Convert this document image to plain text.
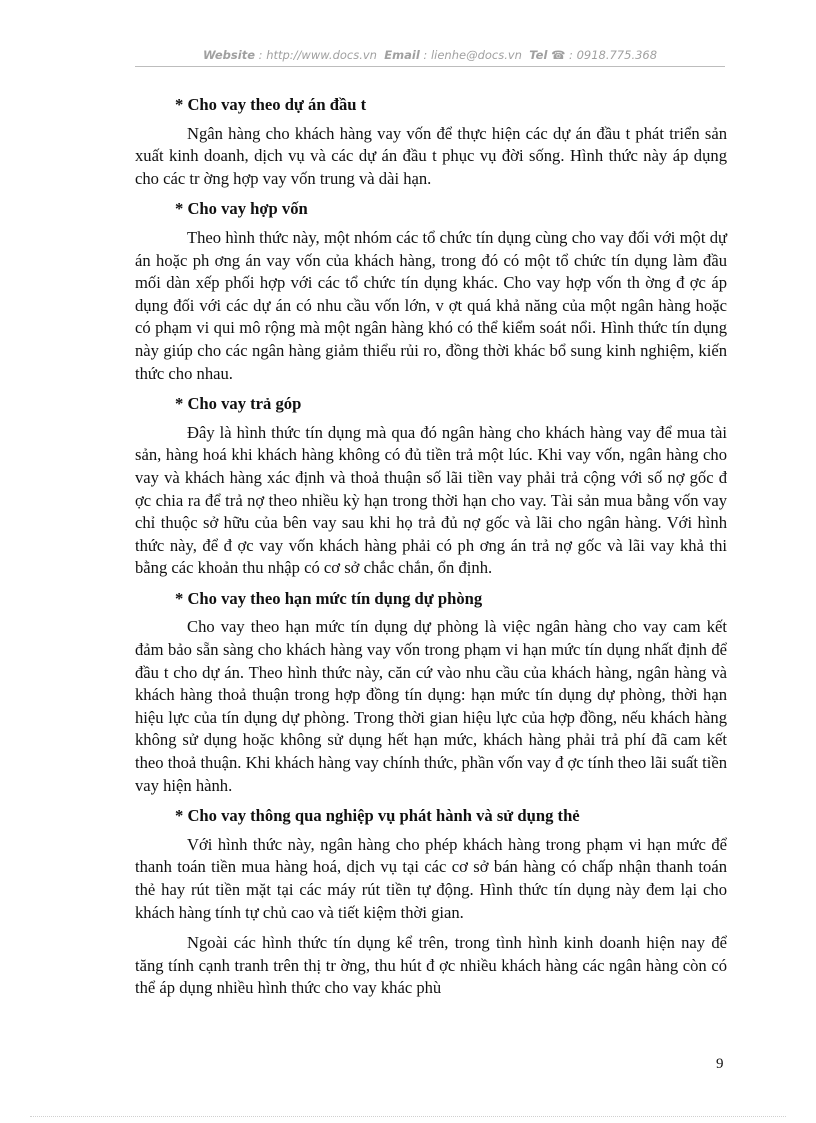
Website : http://www.docs.vn Email : lienhe@docs.vn Tel ☎ : 0918.775.368
* Cho vay theo dự án đầu t

Ngân hàng cho khách hàng vay vốn để thực hiện các dự án đầu t phát triển sản xuất kinh doanh, dịch vụ và các dự án đầu t phục vụ đời sống. Hình thức này áp dụng cho các tr ờng hợp vay vốn trung và dài hạn.

* Cho vay hợp vốn

Theo hình thức này, một nhóm các tổ chức tín dụng cùng cho vay đối với một dự án hoặc ph ơng án vay vốn của khách hàng, trong đó có một tổ chức tín dụng làm đầu mối dàn xếp phối hợp với các tổ chức tín dụng khác. Cho vay hợp vốn th ờng đ ợc áp dụng đối với các dự án có nhu cầu vốn lớn, v ợt quá khả năng của một ngân hàng hoặc có phạm vi qui mô rộng mà một ngân hàng khó có thể kiểm soát nổi. Hình thức tín dụng này giúp cho các ngân hàng giảm thiểu rủi ro, đồng thời khác bổ sung kinh nghiệm, kiến thức cho nhau.

* Cho vay trả góp

Đây là hình thức tín dụng mà qua đó ngân hàng cho khách hàng vay để mua tài sản, hàng hoá khi khách hàng không có đủ tiền trả một lúc. Khi vay vốn, ngân hàng cho vay và khách hàng xác định và thoả thuận số lãi tiền vay phải trả cộng với số nợ gốc đ ợc chia ra để trả nợ theo nhiều kỳ hạn trong thời hạn cho vay. Tài sản mua bằng vốn vay chỉ thuộc sở hữu của bên vay sau khi họ trả đủ nợ gốc và lãi cho ngân hàng. Với hình thức này, để đ ợc vay vốn khách hàng phải có ph ơng án trả nợ gốc và lãi vay khả thi bằng các khoản thu nhập có cơ sở chắc chắn, ổn định.

* Cho vay theo hạn mức tín dụng dự phòng

Cho vay theo hạn mức tín dụng dự phòng là việc ngân hàng cho vay cam kết đảm bảo sẵn sàng cho khách hàng vay vốn trong phạm vi hạn mức tín dụng nhất định để đầu t cho dự án. Theo hình thức này, căn cứ vào nhu cầu của khách hàng, ngân hàng và khách hàng thoả thuận trong hợp đồng tín dụng: hạn mức tín dụng dự phòng, thời hạn hiệu lực của tín dụng dự phòng. Trong thời gian hiệu lực của hợp đồng, nếu khách hàng không sử dụng hoặc không sử dụng hết hạn mức, khách hàng phải trả phí đã cam kết theo thoả thuận. Khi khách hàng vay chính thức, phần vốn vay đ ợc tính theo lãi suất tiền vay hiện hành.

* Cho vay thông qua nghiệp vụ phát hành và sử dụng thẻ

Với hình thức này, ngân hàng cho phép khách hàng trong phạm vi hạn mức để thanh toán tiền mua hàng hoá, dịch vụ tại các cơ sở bán hàng có chấp nhận thanh toán thẻ hay rút tiền mặt tại các máy rút tiền tự động. Hình thức tín dụng này đem lại cho khách hàng tính tự chủ cao và tiết kiệm thời gian.

Ngoài các hình thức tín dụng kể trên, trong tình hình kinh doanh hiện nay để tăng tính cạnh tranh trên thị tr ờng, thu hút đ ợc nhiều khách hàng các ngân hàng còn có thể áp dụng nhiều hình thức cho vay khác phù

9
